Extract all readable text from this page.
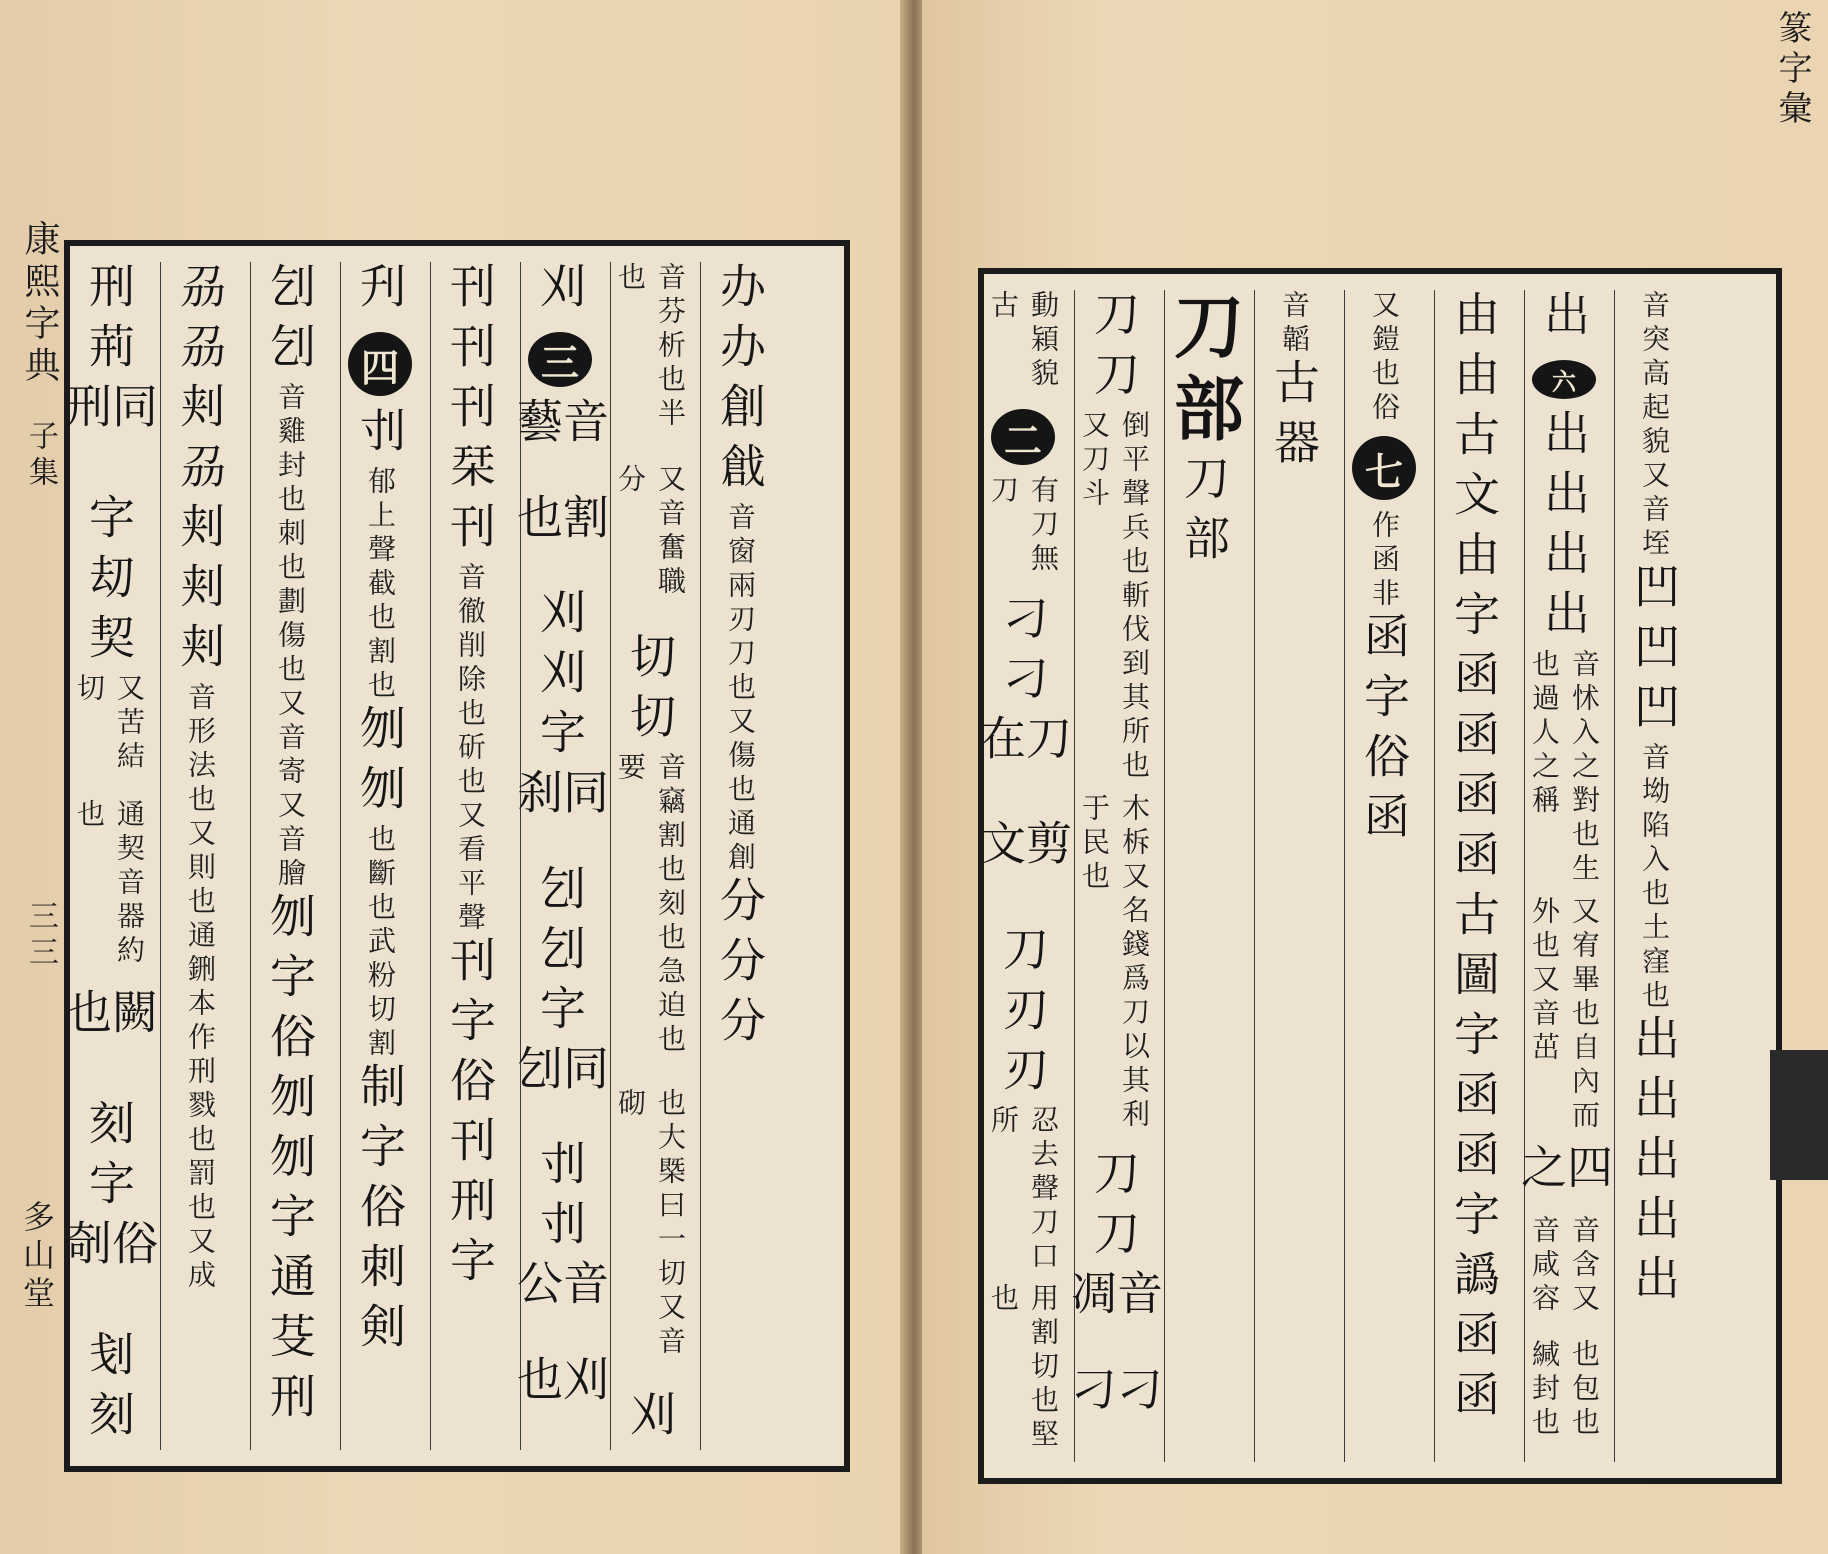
康熙字典
子集
三三
多山堂
刑
荊
同刑
字
刧
契
又苦結切
通契音器約也
闕也
刻
字
俗剞
刬
刻
刕
刕
刾
刕
刾
刾
刾
音形法也
又則也通鉶本作刑
戮也罰也又成
刉
刉
音雞封也刺也劃傷
也又音寄又音膾
刎
字
俗刎
刎
字
通芟
刑
刋
四
刌
郁上聲截
也割也
刎
刎
也斷也
武粉切割
制
字
俗刺
剣
刊
刊
刊
栞
刊
音徹削除也斫
也又看平聲
刊
字
俗刊
刑
字
刈
三
音藝
割也
刈
刈
字
同刹
刉
刉
字
同刉
刌
刌
音公
刈也
音芬析也半也
又音奮職分
切
切
音竊割也刻也急迫也要
也大槩曰一切又音砌
刈
办
办
創
戧
音窗兩刃刀也
又傷也通創
分
分
分
篆字彙
動㯋貌古
二
有刀無刀
刁
刁
刀在
剪文
刀
刃
刃
忍去聲刀口所
用割切也堅也
刀
刀
倒平聲兵也斬伐到其所也又刀斗
木柝又名錢爲刀以其利于民也
刀
刀
音凋
刁刁
刀部
刀部
音韜
古器 又鎧也俗
七
作函非
函
字
俗函
由
由
古文
由字
函
函
函
函
古圖
字
函
函字
譌
函
函
出
六
出
出
出
出
音怵入之對也生也過人之稱
又宥畢也自內而外也又音茁
四之
音含又音咸容
也包也緘封也
音突高起
貌又音垤
凹
凹
凹
音坳陷入
也土窪也
出
出
出
出
出
